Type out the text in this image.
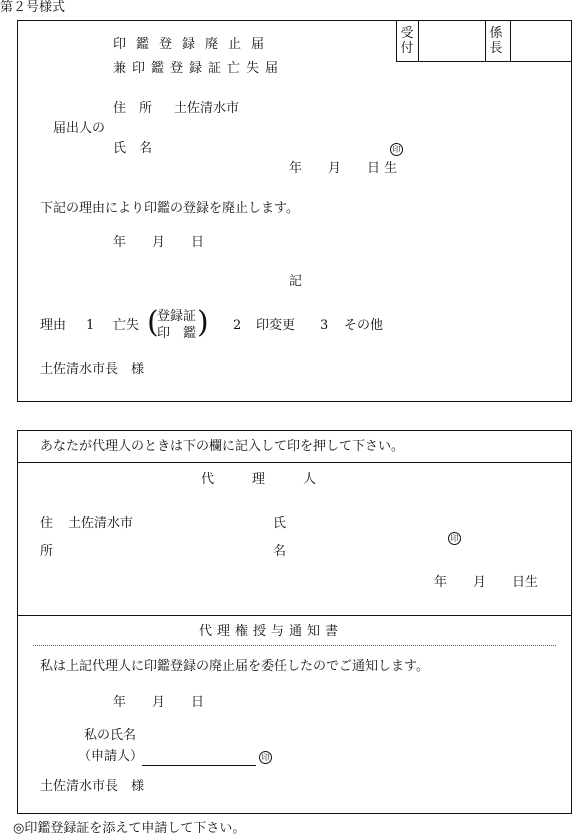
第２号様式
受付
係長
印鑑登録廃止届
兼印鑑登録証亡失届
住　所 土佐清水市
届出人の
氏　名	印
年　　月　　日 生
下記の理由により印鑑の登録を廃止します。
年　　月　　日
記
理由 1 亡失 (
登録証
印　鑑 ) 2 印変更 3 その他
土佐清水市長　様
あなたが代理人のときは下の欄に記入して印を押して下さい。
代　　理　　人
住 土佐清水市
所
氏
名
印
年　　月　　日生
代理権授与通知書
私は上記代理人に印鑑登録の廃止届を委任したのでご通知します。
年　　月　　日
私の氏名
（申請人）	印
土佐清水市長　様
◎印鑑登録証を添えて申請して下さい。
